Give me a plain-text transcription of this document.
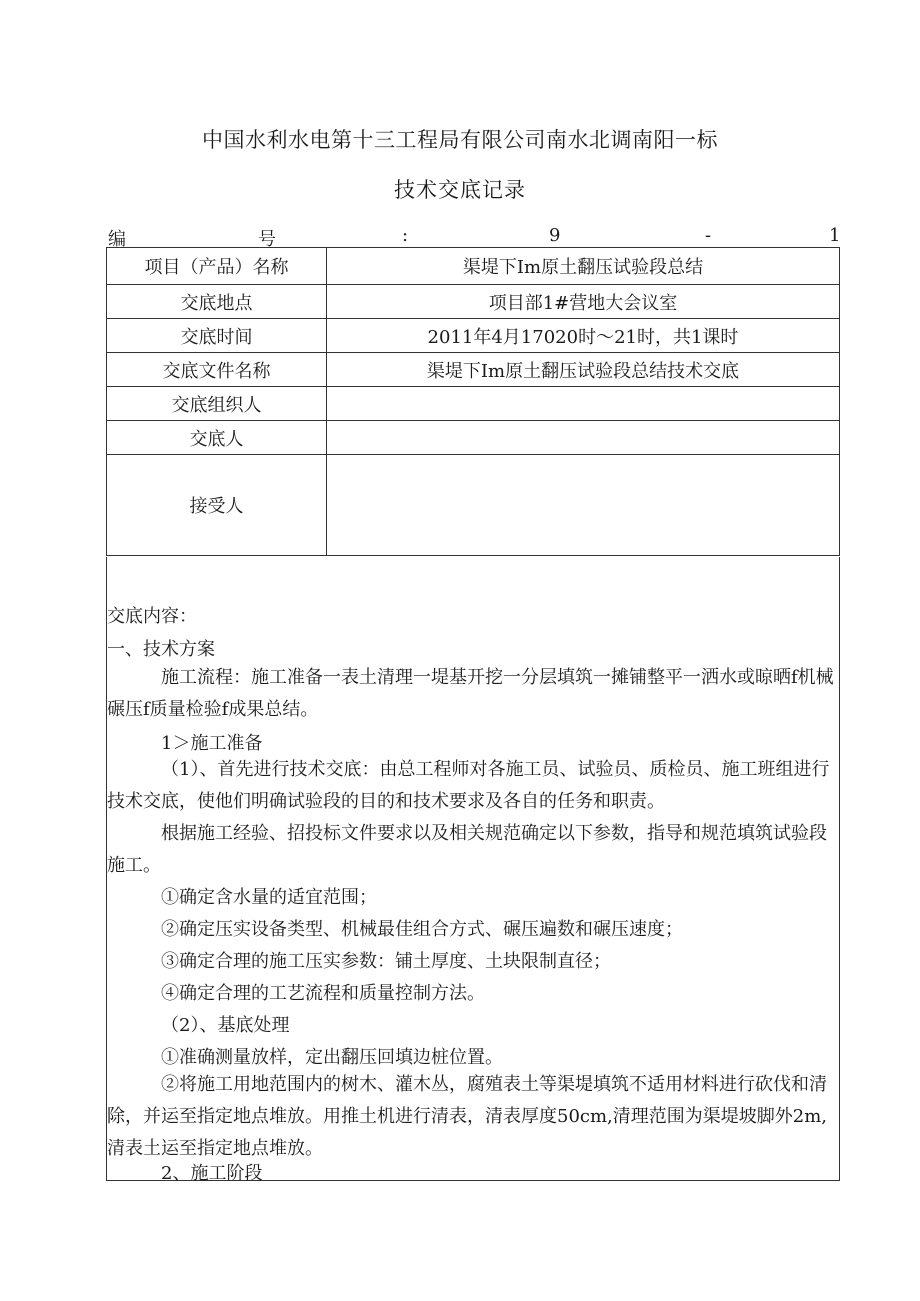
中国水利水电第十三工程局有限公司南水北调南阳一标
技术交底记录
编	号	:	9	-	1
项目（产品）名称	渠堤下Im原土翻压试验段总结
交底地点	项目部1#营地大会议室
交底时间	2011年4月17020时～21时，共1课时
交底文件名称	渠堤下Im原土翻压试验段总结技术交底
交底组织人	
交底人	
接受人	
交底内容：
一、技术方案
施工流程：施工准备一表土清理一堤基开挖一分层填筑一摊铺整平一洒水或晾晒f机械碾压f质量检验f成果总结。
1＞施工准备
（1）、首先进行技术交底：由总工程师对各施工员、试验员、质检员、施工班组进行技术交底，使他们明确试验段的目的和技术要求及各自的任务和职责。
根据施工经验、招投标文件要求以及相关规范确定以下参数，指导和规范填筑试验段施工。
①确定含水量的适宜范围；
②确定压实设备类型、机械最佳组合方式、碾压遍数和碾压速度；
③确定合理的施工压实参数：铺土厚度、土块限制直径；
④确定合理的工艺流程和质量控制方法。
（2）、基底处理
①准确测量放样，定出翻压回填边桩位置。
②将施工用地范围内的树木、灌木丛，腐殖表土等渠堤填筑不适用材料进行砍伐和清除，并运至指定地点堆放。用推土机进行清表，清表厚度50cm,清理范围为渠堤坡脚外2m,清表土运至指定地点堆放。
2、施工阶段
